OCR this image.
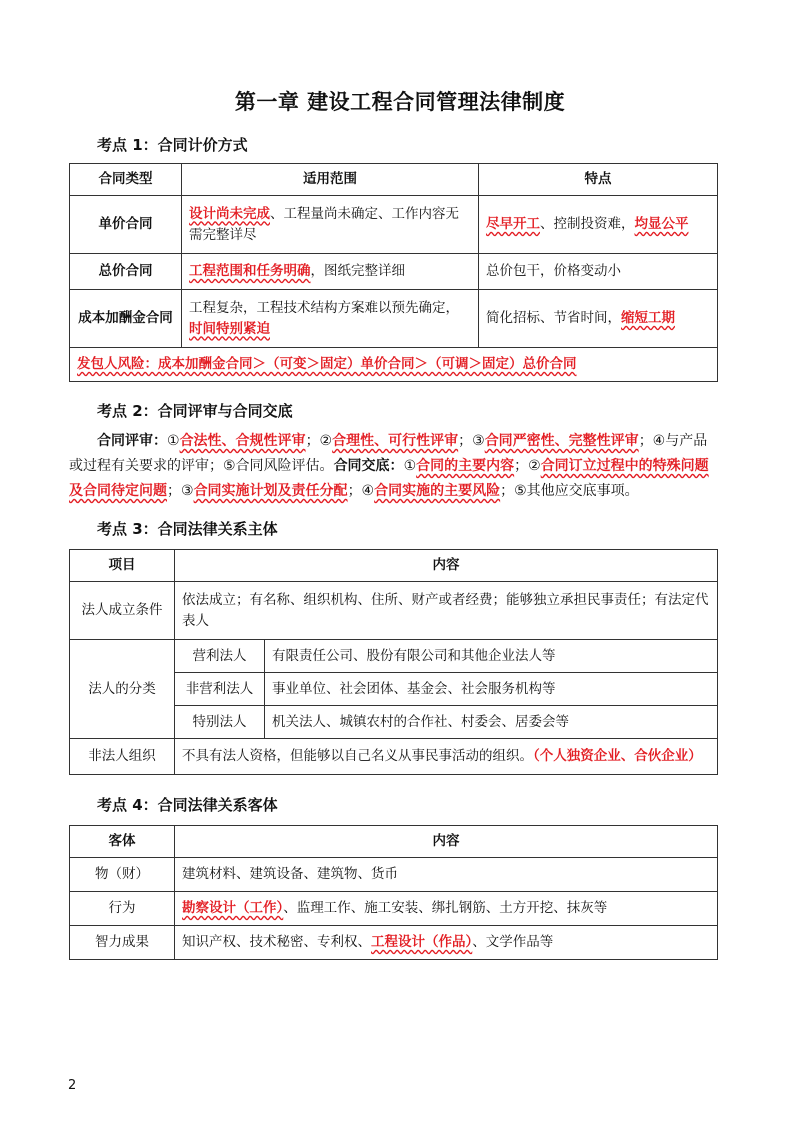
第一章 建设工程合同管理法律制度
考点 1：合同计价方式
合同类型	适用范围	特点
单价合同	设计尚未完成、工程量尚未确定、工作内容无需完整详尽	尽早开工、控制投资难，均显公平
总价合同	工程范围和任务明确，图纸完整详细	总价包干，价格变动小
成本加酬金合同	工程复杂，工程技术结构方案难以预先确定，时间特别紧迫	简化招标、节省时间，缩短工期
发包人风险：成本加酬金合同＞（可变＞固定）单价合同＞（可调＞固定）总价合同		
考点 2：合同评审与合同交底
合同评审：①合法性、合规性评审；②合理性、可行性评审；③合同严密性、完整性评审；④与产品或过程有关要求的评审；⑤合同风险评估。合同交底：①合同的主要内容；②合同订立过程中的特殊问题及合同待定问题；③合同实施计划及责任分配；④合同实施的主要风险；⑤其他应交底事项。
考点 3：合同法律关系主体
项目	内容	
法人成立条件	依法成立；有名称、组织机构、住所、财产或者经费；能够独立承担民事责任；有法定代表人	
法人的分类	营利法人	有限责任公司、股份有限公司和其他企业法人等
	非营利法人	事业单位、社会团体、基金会、社会服务机构等
	特别法人	机关法人、城镇农村的合作社、村委会、居委会等
非法人组织	不具有法人资格，但能够以自己名义从事民事活动的组织。（个人独资企业、合伙企业）	
考点 4：合同法律关系客体
客体	内容
物（财）	建筑材料、建筑设备、建筑物、货币
行为	勘察设计（工作）、监理工作、施工安装、绑扎钢筋、土方开挖、抹灰等
智力成果	知识产权、技术秘密、专利权、工程设计（作品）、文学作品等
2
